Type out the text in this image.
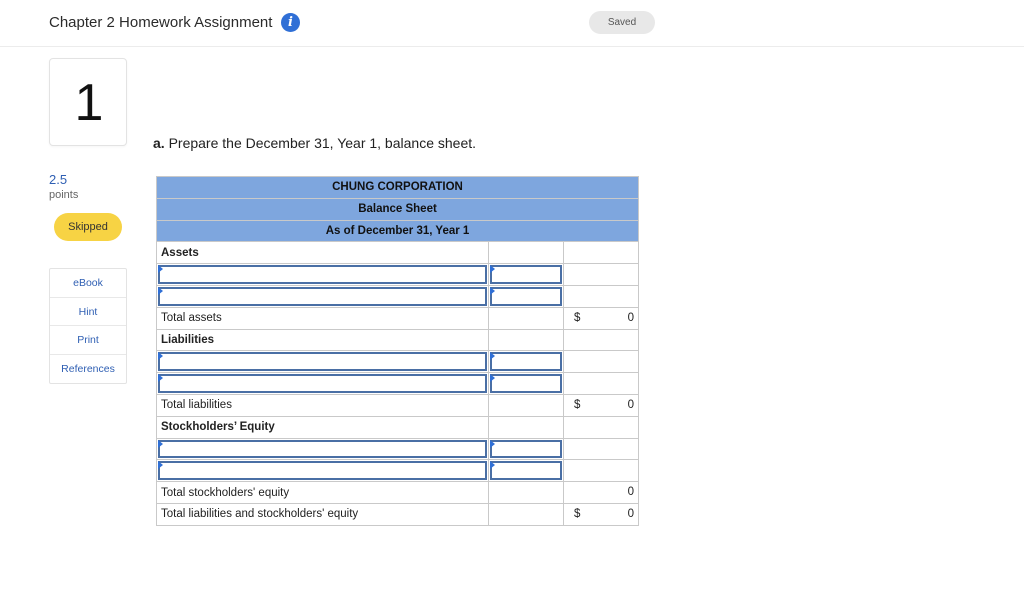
Chapter 2 Homework Assignment	i	Saved
1
2.5
points
Skipped
eBook
Hint
Print
References
a. Prepare the December 31, Year 1, balance sheet.
CHUNG CORPORATION		
Balance Sheet		
As of December 31, Year 1		
Assets		

Total assets		$ 0

Liabilities		

Total liabilities		$ 0

Stockholders’ Equity		

Total stockholders' equity		0

Total liabilities and stockholders' equity		$ 0
